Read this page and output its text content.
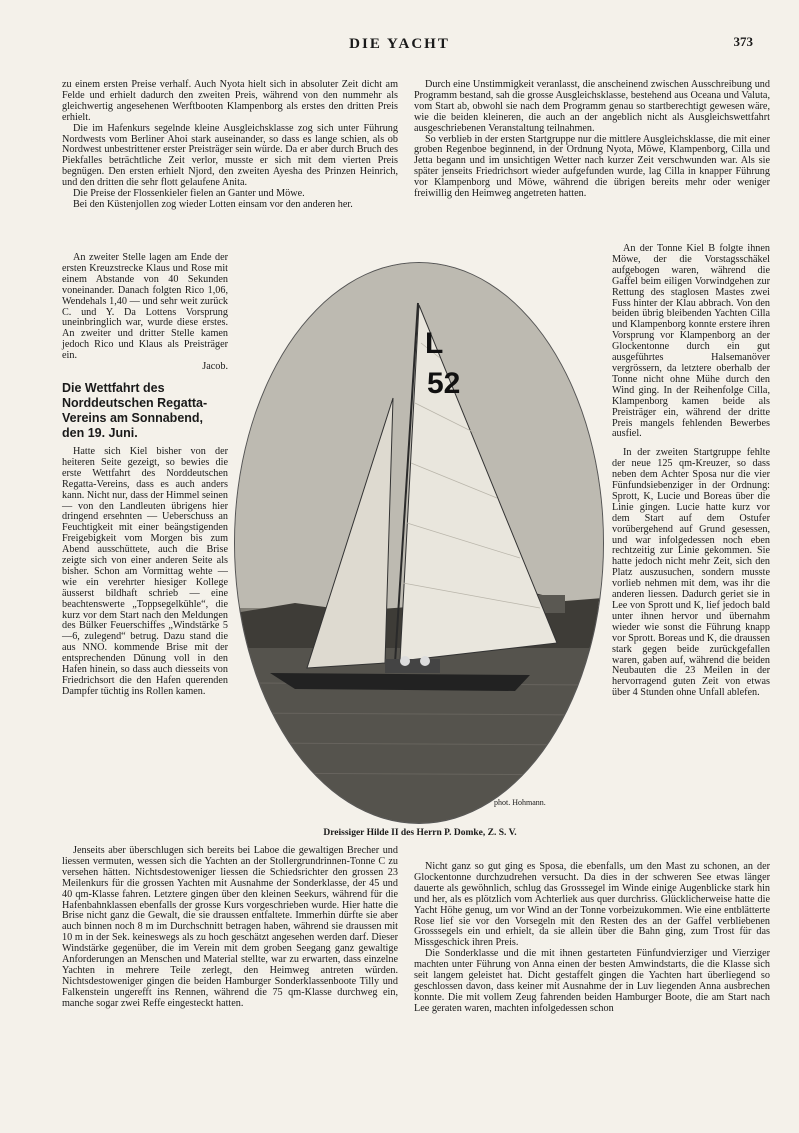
DIE YACHT	373

zu einem ersten Preise verhalf. Auch Nyota hielt sich in absoluter Zeit dicht am Felde und erhielt dadurch den zweiten Preis, während von den nummehr als gleichwertig angesehenen Werftbooten Klampenborg als erstes den dritten Preis erhielt.

Die im Hafenkurs segelnde kleine Ausgleichsklasse zog sich unter Führung Nordwests vom Berliner Ahoi stark auseinander, so dass es lange schien, als ob Nordwest unbestrittener erster Preisträger sein würde. Da er aber durch Bruch des Piekfalles beträchtliche Zeit verlor, musste er sich mit dem vierten Preis begnügen. Den ersten erhielt Njord, den zweiten Ayesha des Prinzen Heinrich, und den dritten die sehr flott gelaufene Anita.

Die Preise der Flossenkieler fielen an Ganter und Möwe.

Bei den Küstenjollen zog wieder Lotten einsam vor den anderen her.

An zweiter Stelle lagen am Ende der ersten Kreuzstrecke Klaus und Rose mit einem Abstande von 40 Sekunden voneinander. Danach folgten Rico 1,06, Wendehals 1,40 — und sehr weit zurück C. und Y. Da Lottens Vorsprung uneinbringlich war, wurde diese erstes. An zweiter und dritter Stelle kamen jedoch Rico und Klaus als Preisträger ein.

Jacob.

Die Wettfahrt des Norddeutschen Regatta-Vereins am Sonnabend, den 19. Juni.

Hatte sich Kiel bisher von der heiteren Seite gezeigt, so bewies die erste Wettfahrt des Norddeutschen Regatta-Vereins, dass es auch anders kann. Nicht nur, dass der Himmel seinen — von den Landleuten übrigens hier dringend ersehnten — Ueberschuss an Feuchtigkeit mit einer beängstigenden Freigebigkeit vom Morgen bis zum Abend ausschüttete, auch die Brise zeigte sich von einer anderen Seite als bisher. Schon am Vormittag wehte — wie ein verehrter hiesiger Kollege äusserst bildhaft schrieb — eine beachtenswerte „Toppsegelkühle“, die kurz vor dem Start nach den Meldungen des Bülker Feuerschiffes „Windstärke 5—6, zulegend“ betrug. Dazu stand die aus NNO. kommende Brise mit der entsprechenden Dünung voll in den Hafen hinein, so dass auch diesseits von Friedrichsort die den Hafen querenden Dampfer tüchtig ins Rollen kamen.

Jenseits aber überschlugen sich bereits bei Laboe die gewaltigen Brecher und liessen vermuten, wessen sich die Yachten an der Stollergrundrinnen-Tonne C zu versehen hätten. Nichtsdestoweniger liessen die Schiedsrichter den grossen 23 Meilenkurs für die grossen Yachten mit Ausnahme der Sonderklasse, der 45 und 40 qm-Klasse fahren. Letztere gingen über den kleinen Seekurs, während für die Hafenbahnklassen ebenfalls der grosse Kurs vorgeschrieben wurde. Hier hatte die Brise nicht ganz die Gewalt, die sie draussen entfaltete. Immerhin dürfte sie aber auch binnen noch 8 m im Durchschnitt betragen haben, während sie draussen mit 10 m in der Sek. keineswegs als zu hoch geschätzt angesehen werden darf. Dieser Windstärke gegenüber, die im Verein mit dem groben Seegang ganz gewaltige Anforderungen an Menschen und Material stellte, war zu erwarten, dass einzelne Yachten in mehrere Teile zerlegt, den Heimweg antreten würden. Nichtsdestoweniger gingen die beiden Hamburger Sonderklassenboote Tilly und Falkenstein ungerefft ins Rennen, während die 75 qm-Klasse durchweg ein, manche sogar zwei Reffe eingesteckt hatten.

Durch eine Unstimmigkeit veranlasst, die anscheinend zwischen Ausschreibung und Programm bestand, sah die grosse Ausgleichsklasse, bestehend aus Oceana und Valuta, vom Start ab, obwohl sie nach dem Programm genau so startberechtigt gewesen wäre, wie die beiden kleineren, die auch an der angeblich nicht als Ausgleichswettfahrt ausgeschriebenen Veranstaltung teilnahmen.

So verblieb in der ersten Startgruppe nur die mittlere Ausgleichsklasse, die mit einer groben Regenboe beginnend, in der Ordnung Nyota, Möwe, Klampenborg, Cilla und Jetta begann und im unsichtigen Wetter nach kurzer Zeit verschwunden war. Als sie später jenseits Friedrichsort wieder aufgefunden wurde, lag Cilla in knapper Führung vor Klampenborg und Möwe, während die übrigen bereits mehr oder weniger freiwillig den Heimweg angetreten hatten.

An der Tonne Kiel B folgte ihnen Möwe, der die Vorstagsschäkel aufgebogen waren, während die Gaffel beim eiligen Vorwindgehen zur Rettung des staglosen Mastes zwei Fuss hinter der Klau abbrach. Von den beiden übrig bleibenden Yachten Cilla und Klampenborg konnte erstere ihren Vorsprung vor Klampenborg an der Glockentonne durch ein gut ausgeführtes Halsemanöver vergrössern, da letztere oberhalb der Tonne nicht ohne Mühe durch den Wind ging. In der Reihenfolge Cilla, Klampenborg kamen beide als Preisträger ein, während der dritte Preis mangels fehlenden Bewerbes ausfiel.

In der zweiten Startgruppe fehlte der neue 125 qm-Kreuzer, so dass neben dem Achter Sposa nur die vier Fünfundsiebenziger in der Ordnung: Sprott, K, Lucie und Boreas über die Linie gingen. Lucie hatte kurz vor dem Start auf dem Ostufer vorübergehend auf Grund gesessen, und war infolgedessen noch eben rechtzeitig zur Linie gekommen. Sie hatte jedoch nicht mehr Zeit, sich den Platz auszusuchen, sondern musste vorlieb nehmen mit dem, was ihr die anderen liessen. Dadurch geriet sie in Lee von Sprott und K, lief jedoch bald unter ihnen hervor und übernahm wieder wie sonst die Führung knapp vor Sprott. Boreas und K, die draussen stark gegen beide zurückgefallen waren, gaben auf, während die beiden Neubauten die 23 Meilen in der hervorragend guten Zeit von etwas über 4 Stunden ohne Unfall ablefen.

Nicht ganz so gut ging es Sposa, die ebenfalls, um den Mast zu schonen, an der Glockentonne durchzudrehen versucht. Da dies in der schweren See etwas länger dauerte als gewöhnlich, schlug das Grosssegel im Winde einige Augenblicke stark hin und her, als es plötzlich vom Achterliek aus quer durchriss. Glücklicherweise hatte die Yacht Höhe genug, um vor Wind an der Tonne vorbeizukommen. Wie eine entblätterte Rose lief sie vor den Vorsegeln mit den Resten des an der Gaffel verbliebenen Grosssegels ein und erhielt, da sie allein über die Bahn ging, zum Trost für das Missgeschick ihren Preis.

Die Sonderklasse und die mit ihnen gestarteten Fünfundvierziger und Vierziger machten unter Führung von Anna einen der besten Amwindstarts, die die Klasse sich seit langem geleistet hat. Dicht gestaffelt gingen die Yachten hart überliegend so geschlossen davon, dass keiner mit Ausnahme der in Luv liegenden Anna ausbrechen konnte. Die mit vollem Zeug fahrenden beiden Hamburger Boote, die am Start nach Lee geraten waren, machten infolgedessen schon

L
52
phot. Hohmann.
Dreissiger Hilde II des Herrn P. Domke, Z. S. V.
